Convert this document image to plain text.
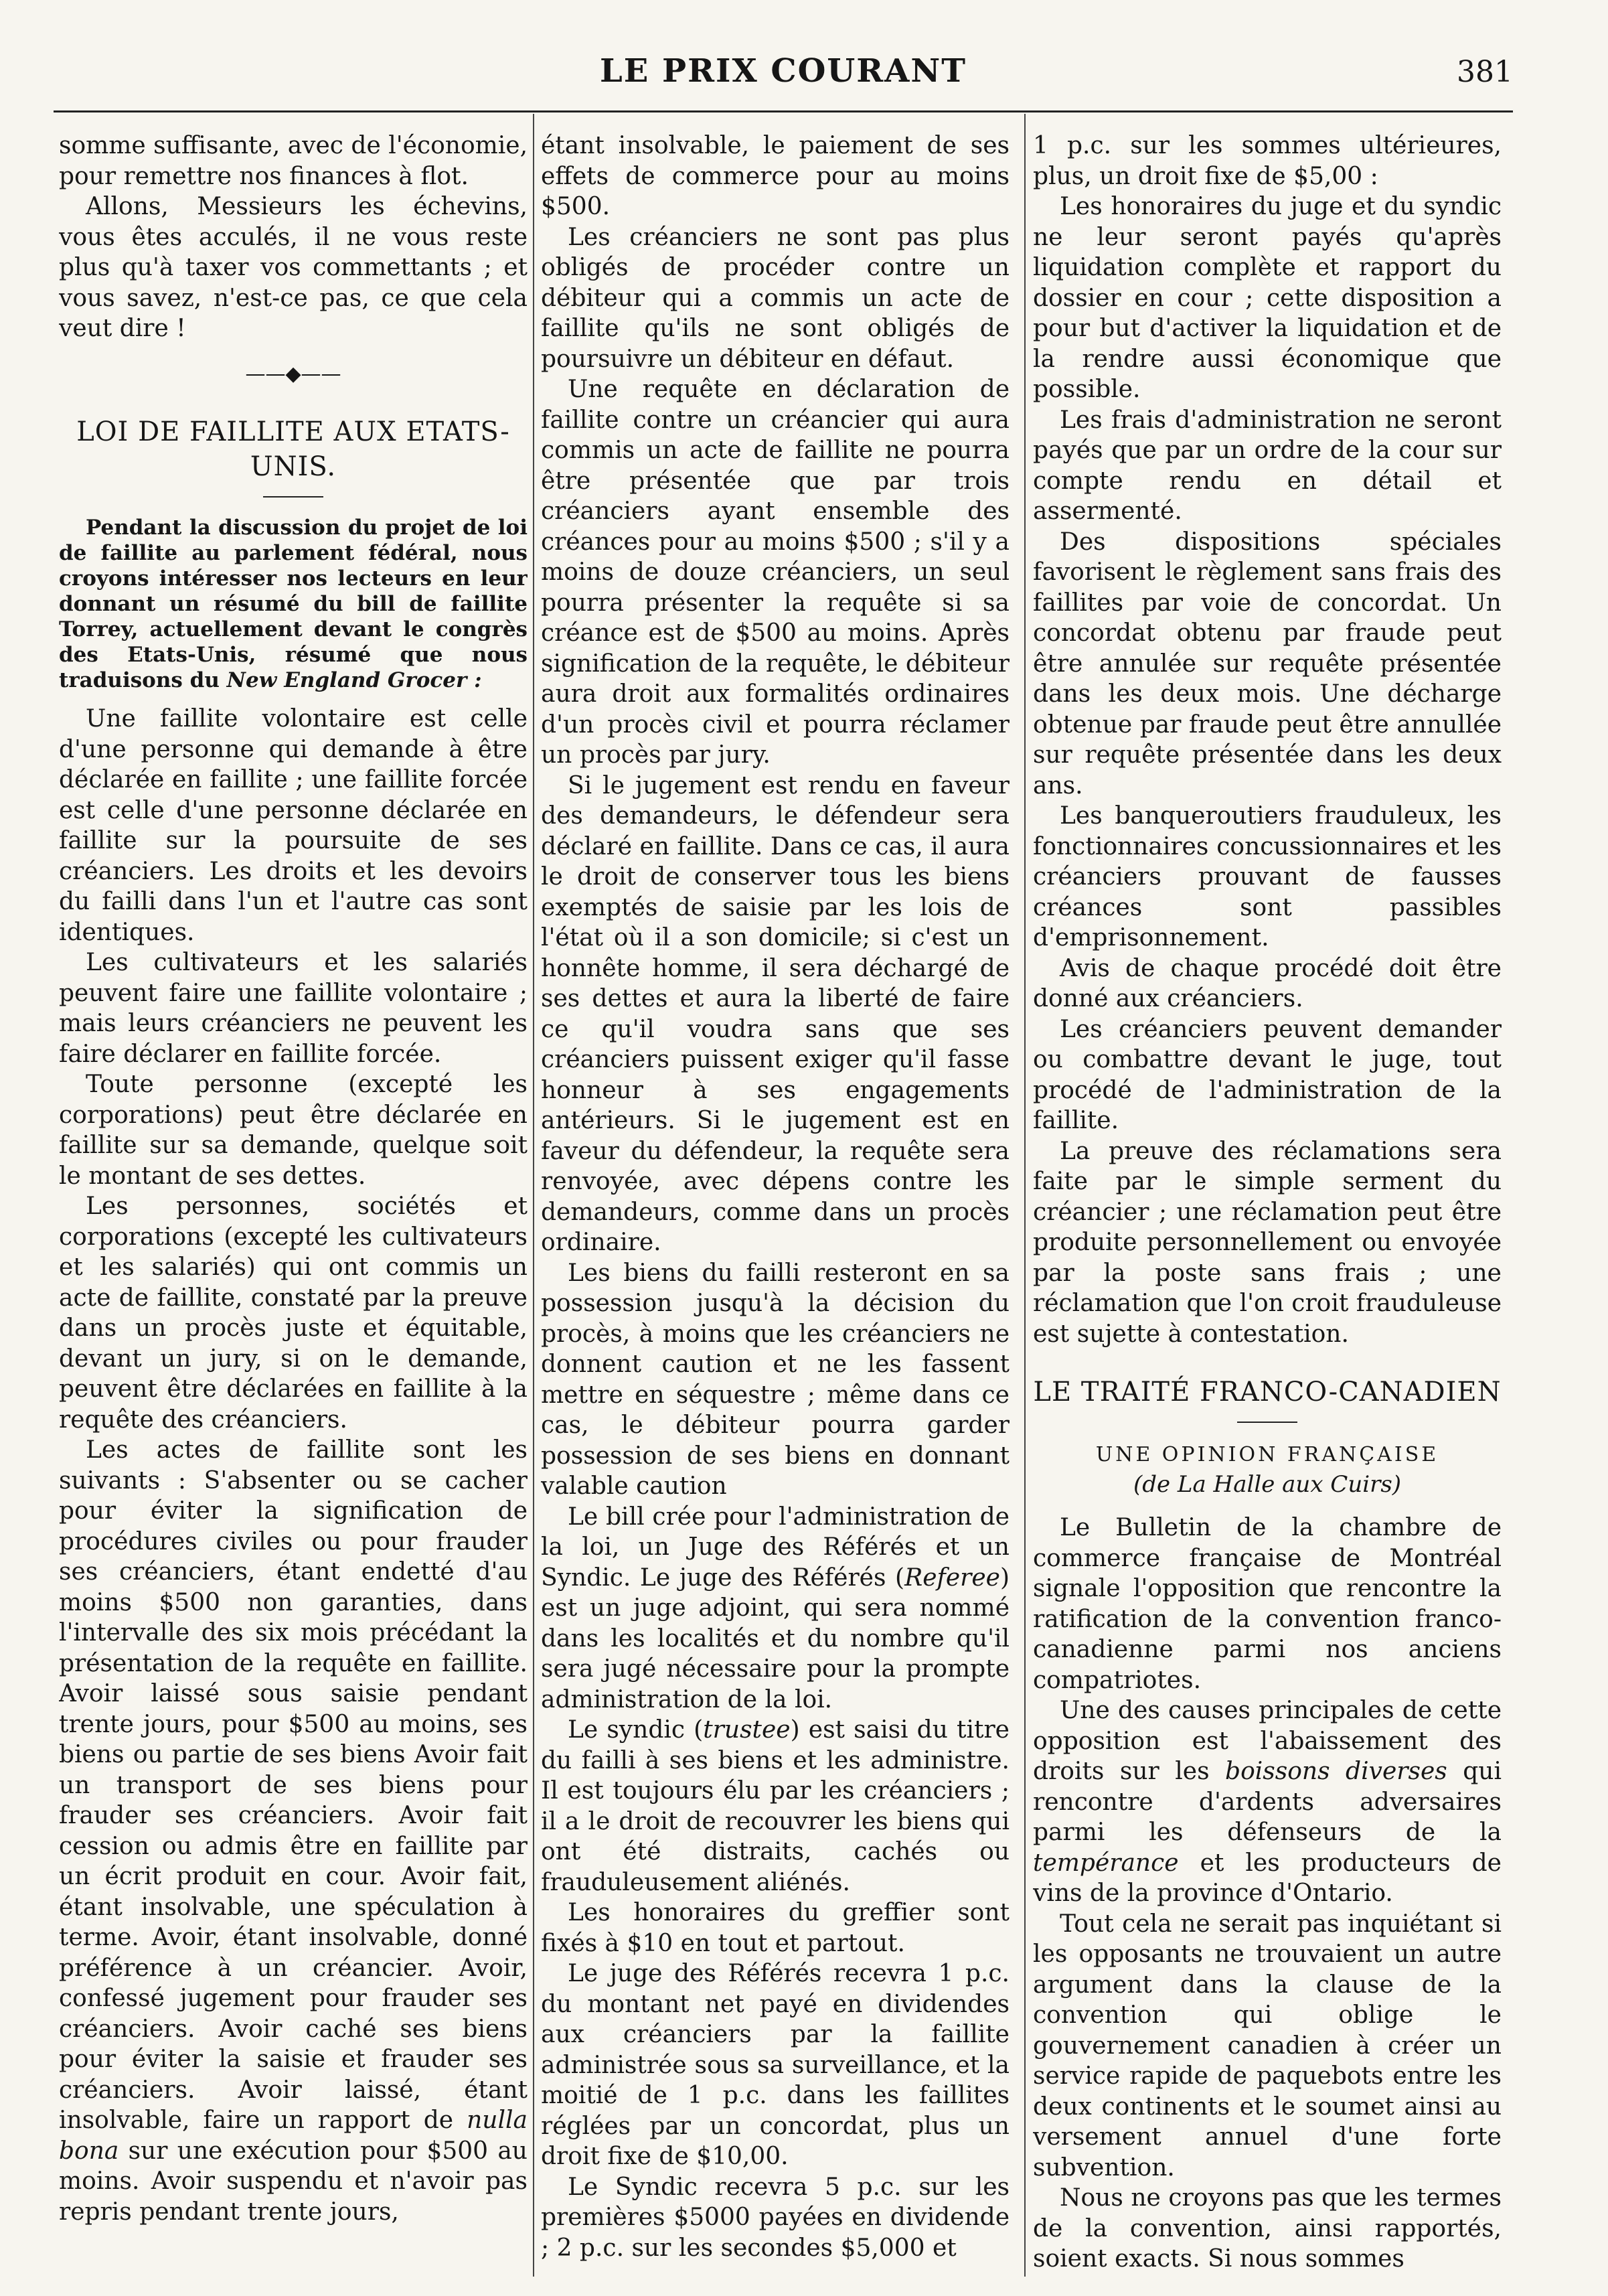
LE PRIX COURANT	381

somme suffisante, avec de l'économie, pour remettre nos finances à flot.

Allons, Messieurs les échevins, vous êtes acculés, il ne vous reste plus qu'à taxer vos commettants ; et vous savez, n'est-ce pas, ce que cela veut dire !

——◆——
LOI DE FAILLITE AUX ETATS-UNIS.

Pendant la discussion du projet de loi de faillite au parlement fédéral, nous croyons intéresser nos lecteurs en leur donnant un résumé du bill de faillite Torrey, actuellement devant le congrès des Etats-Unis, résumé que nous traduisons du New England Grocer :

Une faillite volontaire est celle d'une personne qui demande à être déclarée en faillite ; une faillite forcée est celle d'une personne déclarée en faillite sur la poursuite de ses créanciers. Les droits et les devoirs du failli dans l'un et l'autre cas sont identiques.

Les cultivateurs et les salariés peuvent faire une faillite volontaire ; mais leurs créanciers ne peuvent les faire déclarer en faillite forcée.

Toute personne (excepté les corporations) peut être déclarée en faillite sur sa demande, quelque soit le montant de ses dettes.

Les personnes, sociétés et corporations (excepté les cultivateurs et les salariés) qui ont commis un acte de faillite, constaté par la preuve dans un procès juste et équitable, devant un jury, si on le demande, peuvent être déclarées en faillite à la requête des créanciers.

Les actes de faillite sont les suivants : S'absenter ou se cacher pour éviter la signification de procédures civiles ou pour frauder ses créanciers, étant endetté d'au moins $500 non garanties, dans l'intervalle des six mois précédant la présentation de la requête en faillite. Avoir laissé sous saisie pendant trente jours, pour $500 au moins, ses biens ou partie de ses biens Avoir fait un transport de ses biens pour frauder ses créanciers. Avoir fait cession ou admis être en faillite par un écrit produit en cour. Avoir fait, étant insolvable, une spéculation à terme. Avoir, étant insolvable, donné préférence à un créancier. Avoir, confessé jugement pour frauder ses créanciers. Avoir caché ses biens pour éviter la saisie et frauder ses créanciers. Avoir laissé, étant insolvable, faire un rapport de nulla bona sur une exécution pour $500 au moins. Avoir suspendu et n'avoir pas repris pendant trente jours,

étant insolvable, le paiement de ses effets de commerce pour au moins $500.

Les créanciers ne sont pas plus obligés de procéder contre un débiteur qui a commis un acte de faillite qu'ils ne sont obligés de poursuivre un débiteur en défaut.

Une requête en déclaration de faillite contre un créancier qui aura commis un acte de faillite ne pourra être présentée que par trois créanciers ayant ensemble des créances pour au moins $500 ; s'il y a moins de douze créanciers, un seul pourra présenter la requête si sa créance est de $500 au moins. Après signification de la requête, le débiteur aura droit aux formalités ordinaires d'un procès civil et pourra réclamer un procès par jury.

Si le jugement est rendu en faveur des demandeurs, le défendeur sera déclaré en faillite. Dans ce cas, il aura le droit de conserver tous les biens exemptés de saisie par les lois de l'état où il a son domicile; si c'est un honnête homme, il sera déchargé de ses dettes et aura la liberté de faire ce qu'il voudra sans que ses créanciers puissent exiger qu'il fasse honneur à ses engagements antérieurs. Si le jugement est en faveur du défendeur, la requête sera renvoyée, avec dépens contre les demandeurs, comme dans un procès ordinaire.

Les biens du failli resteront en sa possession jusqu'à la décision du procès, à moins que les créanciers ne donnent caution et ne les fassent mettre en séquestre ; même dans ce cas, le débiteur pourra garder possession de ses biens en donnant valable caution

Le bill crée pour l'administration de la loi, un Juge des Référés et un Syndic. Le juge des Référés (Referee) est un juge adjoint, qui sera nommé dans les localités et du nombre qu'il sera jugé nécessaire pour la prompte administration de la loi.

Le syndic (trustee) est saisi du titre du failli à ses biens et les administre. Il est toujours élu par les créanciers ; il a le droit de recouvrer les biens qui ont été distraits, cachés ou frauduleusement aliénés.

Les honoraires du greffier sont fixés à $10 en tout et partout.

Le juge des Référés recevra 1 p.c. du montant net payé en dividendes aux créanciers par la faillite administrée sous sa surveillance, et la moitié de 1 p.c. dans les faillites réglées par un concordat, plus un droit fixe de $10,00.

Le Syndic recevra 5 p.c. sur les premières $5000 payées en dividende ; 2 p.c. sur les secondes $5,000 et

1 p.c. sur les sommes ultérieures, plus, un droit fixe de $5,00 :

Les honoraires du juge et du syndic ne leur seront payés qu'après liquidation complète et rapport du dossier en cour ; cette disposition a pour but d'activer la liquidation et de la rendre aussi économique que possible.

Les frais d'administration ne seront payés que par un ordre de la cour sur compte rendu en détail et assermenté.

Des dispositions spéciales favorisent le règlement sans frais des faillites par voie de concordat. Un concordat obtenu par fraude peut être annulée sur requête présentée dans les deux mois. Une décharge obtenue par fraude peut être annullée sur requête présentée dans les deux ans.

Les banqueroutiers frauduleux, les fonctionnaires concussionnaires et les créanciers prouvant de fausses créances sont passibles d'emprisonnement.

Avis de chaque procédé doit être donné aux créanciers.

Les créanciers peuvent demander ou combattre devant le juge, tout procédé de l'administration de la faillite.

La preuve des réclamations sera faite par le simple serment du créancier ; une réclamation peut être produite personnellement ou envoyée par la poste sans frais ; une réclamation que l'on croit frauduleuse est sujette à contestation.

LE TRAITÉ FRANCO-CANADIEN
UNE OPINION FRANÇAISE
(de La Halle aux Cuirs)

Le Bulletin de la chambre de commerce française de Montréal signale l'opposition que rencontre la ratification de la convention franco-canadienne parmi nos anciens compatriotes.

Une des causes principales de cette opposition est l'abaissement des droits sur les boissons diverses qui rencontre d'ardents adversaires parmi les défenseurs de la tempérance et les producteurs de vins de la province d'Ontario.

Tout cela ne serait pas inquiétant si les opposants ne trouvaient un autre argument dans la clause de la convention qui oblige le gouvernement canadien à créer un service rapide de paquebots entre les deux continents et le soumet ainsi au versement annuel d'une forte subvention.

Nous ne croyons pas que les termes de la convention, ainsi rapportés, soient exacts. Si nous sommes
